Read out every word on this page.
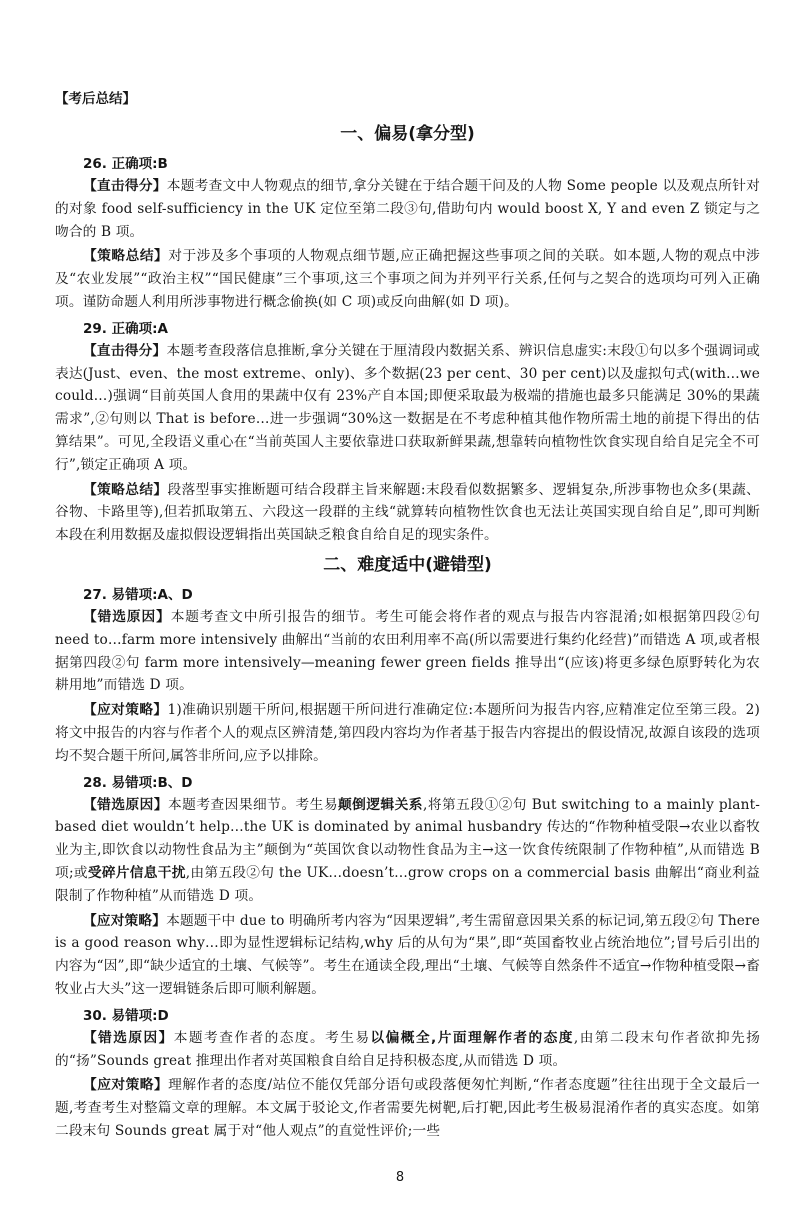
【考后总结】
一、偏易(拿分型)
26. 正确项:B

【直击得分】本题考查文中人物观点的细节,拿分关键在于结合题干问及的人物 Some people 以及观点所针对的对象 food self-sufficiency in the UK 定位至第二段③句,借助句内 would boost X, Y and even Z 锁定与之吻合的 B 项。

【策略总结】对于涉及多个事项的人物观点细节题,应正确把握这些事项之间的关联。如本题,人物的观点中涉及“农业发展”“政治主权”“国民健康”三个事项,这三个事项之间为并列平行关系,任何与之契合的选项均可列入正确项。谨防命题人利用所涉事物进行概念偷换(如 C 项)或反向曲解(如 D 项)。

29. 正确项:A

【直击得分】本题考查段落信息推断,拿分关键在于厘清段内数据关系、辨识信息虚实:末段①句以多个强调词或表达(Just、even、the most extreme、only)、多个数据(23 per cent、30 per cent)以及虚拟句式(with…we could…)强调“目前英国人食用的果蔬中仅有 23%产自本国;即便采取最为极端的措施也最多只能满足 30%的果蔬需求”,②句则以 That is before…进一步强调“30%这一数据是在不考虑种植其他作物所需土地的前提下得出的估算结果”。可见,全段语义重心在“当前英国人主要依靠进口获取新鲜果蔬,想靠转向植物性饮食实现自给自足完全不可行”,锁定正确项 A 项。

【策略总结】段落型事实推断题可结合段群主旨来解题:末段看似数据繁多、逻辑复杂,所涉事物也众多(果蔬、谷物、卡路里等),但若抓取第五、六段这一段群的主线“就算转向植物性饮食也无法让英国实现自给自足”,即可判断本段在利用数据及虚拟假设逻辑指出英国缺乏粮食自给自足的现实条件。

二、难度适中(避错型)
27. 易错项:A、D

【错选原因】本题考查文中所引报告的细节。考生可能会将作者的观点与报告内容混淆;如根据第四段②句 need to…farm more intensively 曲解出“当前的农田利用率不高(所以需要进行集约化经营)”而错选 A 项,或者根据第四段②句 farm more intensively—meaning fewer green fields 推导出“(应该)将更多绿色原野转化为农耕用地”而错选 D 项。

【应对策略】1)准确识别题干所问,根据题干所问进行准确定位:本题所问为报告内容,应精准定位至第三段。2)将文中报告的内容与作者个人的观点区辨清楚,第四段内容均为作者基于报告内容提出的假设情况,故源自该段的选项均不契合题干所问,属答非所问,应予以排除。

28. 易错项:B、D

【错选原因】本题考查因果细节。考生易颠倒逻辑关系,将第五段①②句 But switching to a mainly plant-based diet wouldn’t help…the UK is dominated by animal husbandry 传达的“作物种植受限→农业以畜牧业为主,即饮食以动物性食品为主”颠倒为“英国饮食以动物性食品为主→这一饮食传统限制了作物种植”,从而错选 B 项;或受碎片信息干扰,由第五段②句 the UK…doesn’t…grow crops on a commercial basis 曲解出“商业利益限制了作物种植”从而错选 D 项。

【应对策略】本题题干中 due to 明确所考内容为“因果逻辑”,考生需留意因果关系的标记词,第五段②句 There is a good reason why…即为显性逻辑标记结构,why 后的从句为“果”,即“英国畜牧业占统治地位”;冒号后引出的内容为“因”,即“缺少适宜的土壤、气候等”。考生在通读全段,理出“土壤、气候等自然条件不适宜→作物种植受限→畜牧业占大头”这一逻辑链条后即可顺利解题。

30. 易错项:D

【错选原因】本题考查作者的态度。考生易以偏概全,片面理解作者的态度,由第二段末句作者欲抑先扬的“扬”Sounds great 推理出作者对英国粮食自给自足持积极态度,从而错选 D 项。

【应对策略】理解作者的态度/站位不能仅凭部分语句或段落便匆忙判断,“作者态度题”往往出现于全文最后一题,考查考生对整篇文章的理解。本文属于驳论文,作者需要先树靶,后打靶,因此考生极易混淆作者的真实态度。如第二段末句 Sounds great 属于对“他人观点”的直觉性评价;一些

8
